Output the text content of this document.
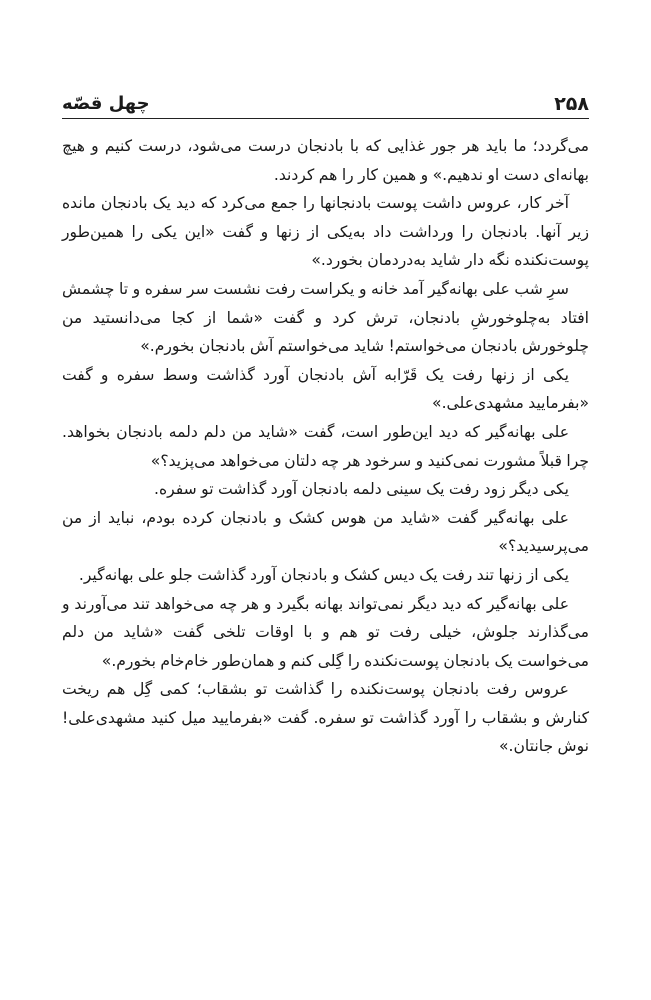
۲۵۸
چهل قصّه

می‌گردد؛ ما باید هر جور غذایی که با بادنجان درست می‌شود، درست کنیم و هیچ بهانه‌ای دست او ندهیم.» و همین کار را هم کردند.

آخر کار، عروس داشت پوست بادنجانها را جمع می‌کرد که دید یک بادنجان مانده زیر آنها. بادنجان را ورداشت داد به‌یکی از زنها و گفت «این یکی را همین‌طور پوست‌نکنده نگه دار شاید به‌دردمان بخورد.»

سرِ شب علی بهانه‌گیر آمد خانه و یکراست رفت نشست سر سفره و تا چشمش افتاد به‌چلوخورشِ بادنجان، ترش کرد و گفت «شما از کجا می‌دانستید من چلوخورش بادنجان می‌خواستم! شاید می‌خواستم آش بادنجان بخورم.»

یکی از زنها رفت یک قَرّابه آش بادنجان آورد گذاشت وسط سفره و گفت «بفرمایید مشهدی‌علی.»

علی بهانه‌گیر که دید این‌طور است، گفت «شاید من دلم دلمه بادنجان بخواهد. چرا قبلاً مشورت نمی‌کنید و سرخود هر چه دلتان می‌خواهد می‌پزید؟»

یکی دیگر زود رفت یک سینی دلمه بادنجان آورد گذاشت تو سفره.

علی بهانه‌گیر گفت «شاید من هوس کشک و بادنجان کرده بودم، نباید از من می‌پرسیدید؟»

یکی از زنها تند رفت یک دیس کشک و بادنجان آورد گذاشت جلو علی بهانه‌گیر.

علی بهانه‌گیر که دید دیگر نمی‌تواند بهانه بگیرد و هر چه می‌خواهد تند می‌آورند و می‌گذارند جلوش، خیلی رفت تو هم و با اوقات تلخی گفت «شاید من دلم می‌خواست یک بادنجان پوست‌نکنده را گِلی کنم و همان‌طور خام‌خام بخورم.»

عروس رفت بادنجان پوست‌نکنده را گذاشت تو بشقاب؛ کمی گِل هم ریخت کنارش و بشقاب را آورد گذاشت تو سفره. گفت «بفرمایید میل کنید مشهدی‌علی! نوش جانتان.»
